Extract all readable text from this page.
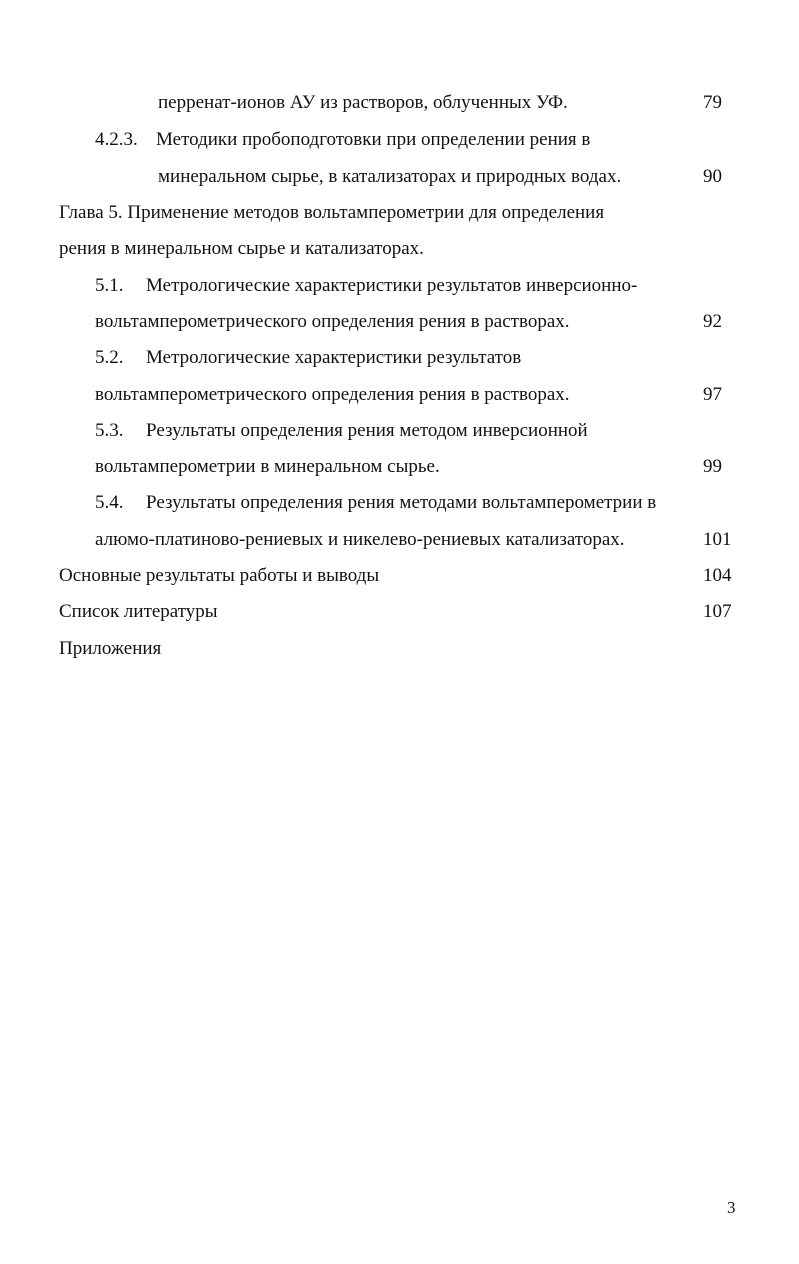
перренат-ионов АУ из растворов, облученных УФ.	79
4.2.3. Методики пробоподготовки при определении рения в
минеральном сырье, в катализаторах и природных водах.	90
Глава 5. Применение методов вольтамперометрии для определения
рения в минеральном сырье и катализаторах.
5.1. Метрологические характеристики результатов инверсионно-
вольтамперометрического определения рения в растворах.	92
5.2. Метрологические характеристики результатов
вольтамперометрического определения рения в растворах.	97
5.3. Результаты определения рения методом инверсионной
вольтамперометрии в минеральном сырье.	99
5.4. Результаты определения рения методами вольтамперометрии в
алюмо-платиново-рениевых и никелево-рениевых катализаторах.	101
Основные результаты работы и выводы	104
Список литературы	107
Приложения
3
